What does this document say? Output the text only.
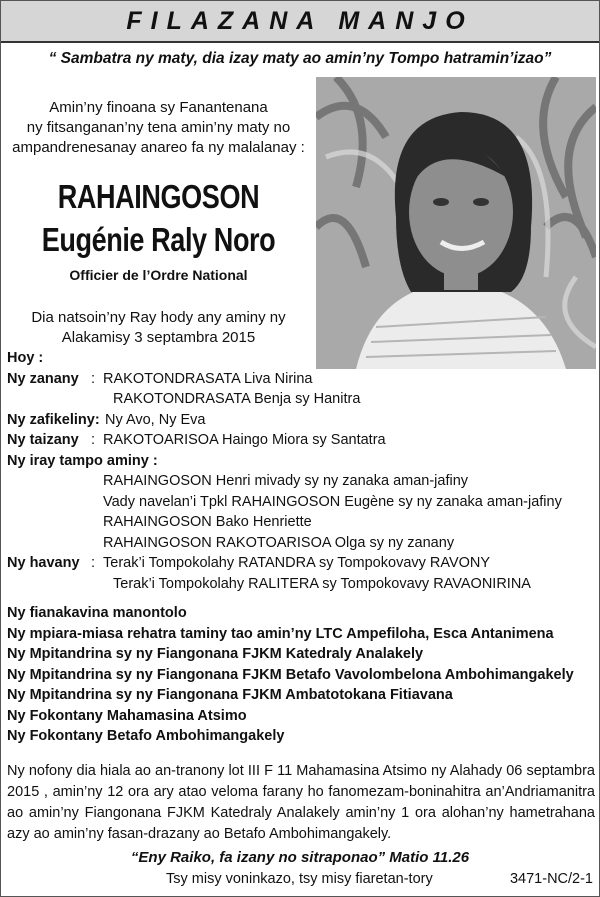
FILAZANA MANJO
“ Sambatra ny maty, dia izay maty ao amin’ny Tompo hatramin’izao”
Amin’ny finoana sy Fanantenana
ny fitsanganan’ny tena amin’ny maty no
ampandrenesanay anareo fa ny malalanay :
RAHAINGOSON
Eugénie Raly Noro
Officier de l’Ordre National
Dia natsoin’ny Ray hody any aminy ny
Alakamisy 3 septambra 2015
Hoy :
Ny zanany : RAKOTONDRASATA Liva Nirina
RAKOTONDRASATA Benja sy Hanitra
Ny zafikeliny: Ny Avo, Ny Eva
Ny taizany : RAKOTOARISOA Haingo Miora sy Santatra
Ny iray tampo aminy :
RAHAINGOSON Henri mivady sy ny zanaka aman-jafiny
Vady navelan’i Tpkl RAHAINGOSON Eugène sy ny zanaka aman-jafiny
RAHAINGOSON Bako Henriette
RAHAINGOSON RAKOTOARISOA Olga sy ny zanany
Ny havany : Terak’i Tompokolahy RATANDRA sy Tompokovavy RAVONY
Terak’i Tompokolahy RALITERA sy Tompokovavy RAVAONIRINA
Ny fianakavina manontolo
Ny mpiara-miasa rehatra taminy tao amin’ny LTC Ampefiloha, Esca Antanimena
Ny Mpitandrina sy ny Fiangonana FJKM Katedraly Analakely
Ny Mpitandrina sy ny Fiangonana FJKM Betafo Vavolombelona Ambohimangakely
Ny Mpitandrina sy ny Fiangonana FJKM Ambatotokana Fitiavana
Ny Fokontany Mahamasina Atsimo
Ny Fokontany Betafo Ambohimangakely
Ny nofony dia hiala ao an-tranony lot III F 11 Mahamasina Atsimo ny Alahady 06 septambra 2015 , amin’ny 12 ora ary atao veloma farany ho fanomezam-boninahitra an’Andriamanitra ao amin’ny Fiangonana FJKM Katedraly Analakely amin’ny 1 ora alohan’ny hametrahana azy ao amin’ny fasan-drazany ao Betafo Ambohimangakely.
“Eny Raiko, fa izany no sitraponao” Matio 11.26
Tsy misy voninkazo, tsy misy fiaretan-tory	3471-NC/2-1
